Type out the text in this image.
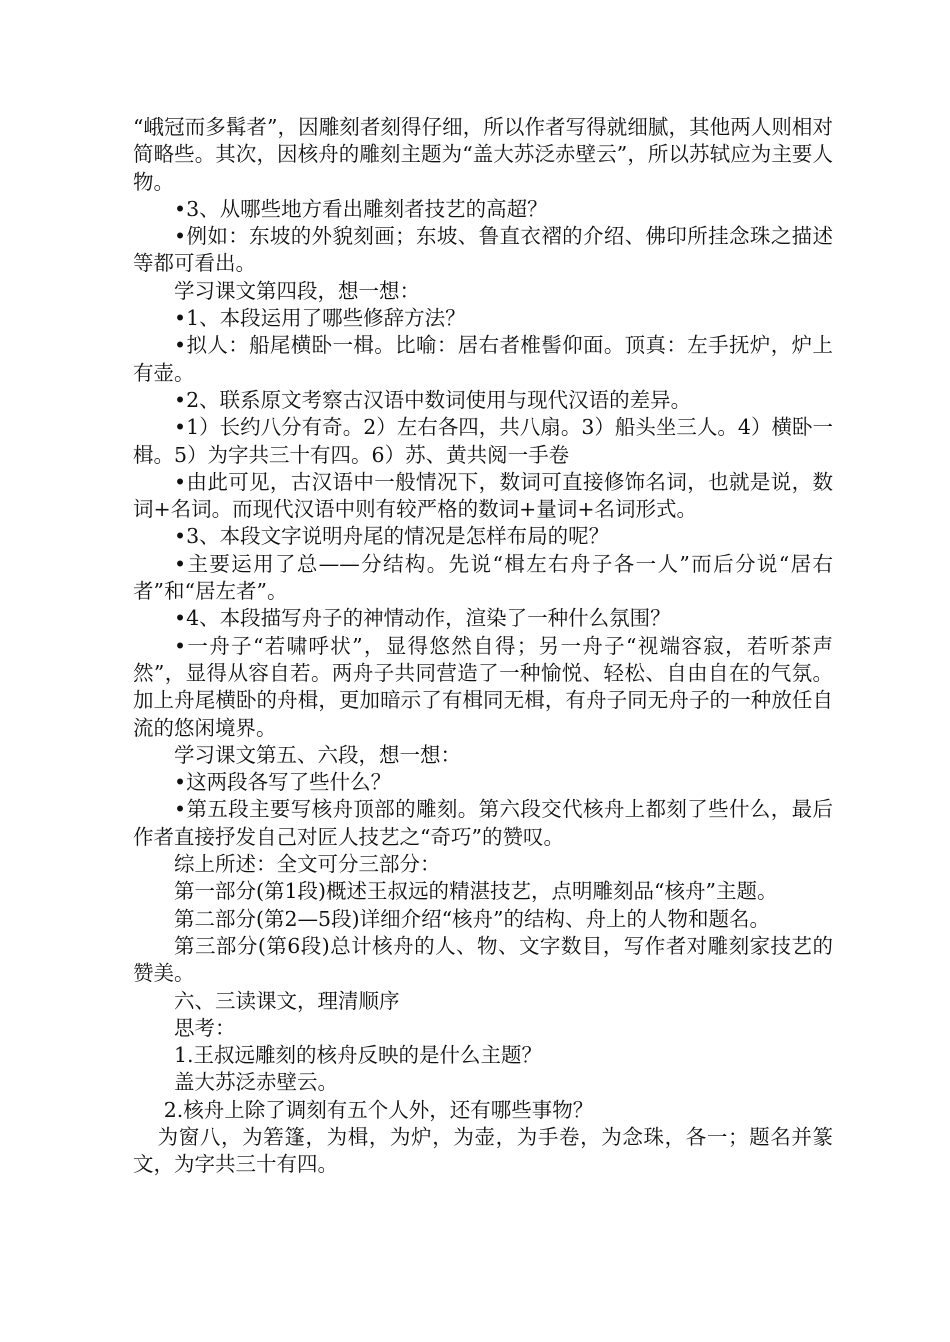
“峨冠而多髯者”，因雕刻者刻得仔细，所以作者写得就细腻，其他两人则相对简略些。其次，因核舟的雕刻主题为“盖大苏泛赤壁云”，所以苏轼应为主要人物。

•3、从哪些地方看出雕刻者技艺的高超？

•例如：东坡的外貌刻画；东坡、鲁直衣褶的介绍、佛印所挂念珠之描述等都可看出。

学习课文第四段，想一想：

•1、本段运用了哪些修辞方法？

•拟人：船尾横卧一楫。比喻：居右者椎髻仰面。顶真：左手抚炉，炉上有壶。

•2、联系原文考察古汉语中数词使用与现代汉语的差异。

•1）长约八分有奇。2）左右各四，共八扇。3）船头坐三人。4）横卧一楫。5）为字共三十有四。6）苏、黄共阅一手卷

•由此可见，古汉语中一般情况下，数词可直接修饰名词，也就是说，数词+名词。而现代汉语中则有较严格的数词+量词+名词形式。

•3、本段文字说明舟尾的情况是怎样布局的呢？

•主要运用了总——分结构。先说“楫左右舟子各一人”而后分说“居右者”和“居左者”。

•4、本段描写舟子的神情动作，渲染了一种什么氛围？

•一舟子“若啸呼状”，显得悠然自得；另一舟子“视端容寂，若听茶声然”，显得从容自若。两舟子共同营造了一种愉悦、轻松、自由自在的气氛。加上舟尾横卧的舟楫，更加暗示了有楫同无楫，有舟子同无舟子的一种放任自流的悠闲境界。

学习课文第五、六段，想一想：

•这两段各写了些什么？

•第五段主要写核舟顶部的雕刻。第六段交代核舟上都刻了些什么，最后作者直接抒发自己对匠人技艺之“奇巧”的赞叹。

综上所述：全文可分三部分：

第一部分(第1段)概述王叔远的精湛技艺，点明雕刻品“核舟”主题。

第二部分(第2—5段)详细介绍“核舟”的结构、舟上的人物和题名。

第三部分(第6段)总计核舟的人、物、文字数目，写作者对雕刻家技艺的赞美。

六、三读课文，理清顺序

思考：

1.王叔远雕刻的核舟反映的是什么主题？

盖大苏泛赤壁云。

2.核舟上除了调刻有五个人外，还有哪些事物？

为窗八，为箬篷，为楫，为炉，为壶，为手卷，为念珠，各一；题名并篆文，为字共三十有四。
